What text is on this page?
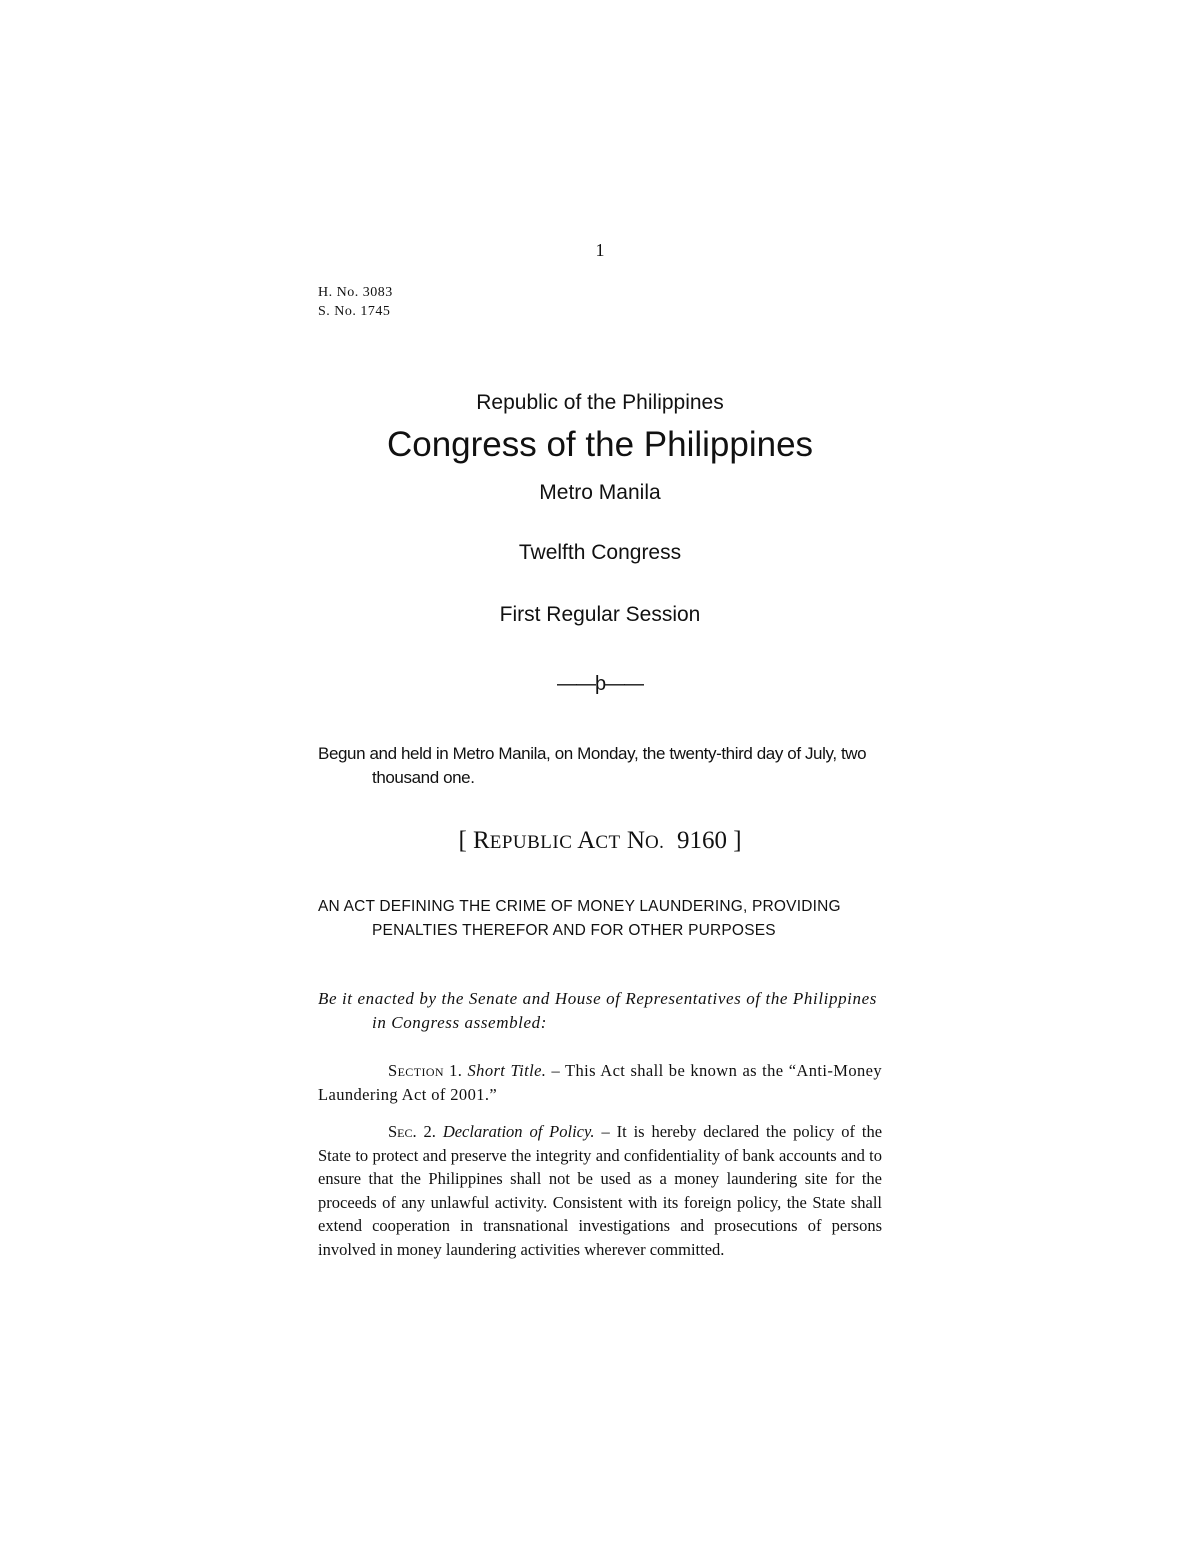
1
H. No. 3083
S. No. 1745
Republic of the Philippines
Congress of the Philippines
Metro Manila
Twelfth Congress
First Regular Session
——þ——
Begun and held in Metro Manila, on Monday, the twenty-third day of July, two thousand one.
[ REPUBLIC ACT NO. 9160 ]
AN ACT DEFINING THE CRIME OF MONEY LAUNDERING, PROVIDING PENALTIES THEREFOR AND FOR OTHER PURPOSES
Be it enacted by the Senate and House of Representatives of the Philippines in Congress assembled:
Section 1. Short Title. – This Act shall be known as the “Anti-Money Laundering Act of 2001.”
Sec. 2. Declaration of Policy. – It is hereby declared the policy of the State to protect and preserve the integrity and confidentiality of bank accounts and to ensure that the Philippines shall not be used as a money laundering site for the proceeds of any unlawful activity. Consistent with its foreign policy, the State shall extend cooperation in transnational investigations and prosecutions of persons involved in money laundering activities wherever committed.
